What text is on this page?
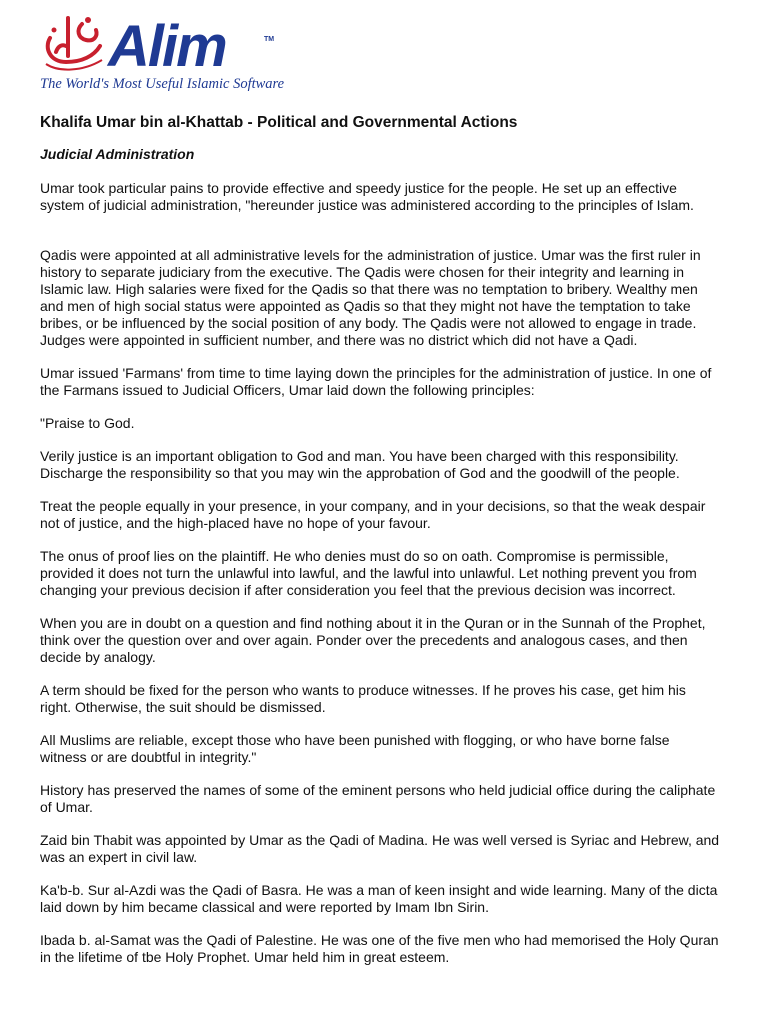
Alim	TM
The World's Most Useful Islamic Software
Khalifa Umar bin al-Khattab - Political and Governmental Actions
Judicial Administration

Umar took particular pains to provide effective and speedy justice for the people. He set up an effective system of judicial administration, "hereunder justice was administered according to the principles of Islam.

Qadis were appointed at all administrative levels for the administration of justice. Umar was the first ruler in history to separate judiciary from the executive. The Qadis were chosen for their integrity and learning in Islamic law. High salaries were fixed for the Qadis so that there was no temptation to bribery. Wealthy men and men of high social status were appointed as Qadis so that they might not have the temptation to take bribes, or be influenced by the social position of any body. The Qadis were not allowed to engage in trade. Judges were appointed in sufficient number, and there was no district which did not have a Qadi.

Umar issued 'Farmans' from time to time laying down the principles for the administration of justice. In one of the Farmans issued to Judicial Officers, Umar laid down the following principles:

"Praise to God.

Verily justice is an important obligation to God and man. You have been charged with this responsibility. Discharge the responsibility so that you may win the approbation of God and the goodwill of the people.

Treat the people equally in your presence, in your company, and in your decisions, so that the weak despair not of justice, and the high-placed have no hope of your favour.

The onus of proof lies on the plaintiff. He who denies must do so on oath. Compromise is permissible, provided it does not turn the unlawful into lawful, and the lawful into unlawful. Let nothing prevent you from changing your previous decision if after consideration you feel that the previous decision was incorrect.

When you are in doubt on a question and find nothing about it in the Quran or in the Sunnah of the Prophet, think over the question over and over again. Ponder over the precedents and analogous cases, and then decide by analogy.

A term should be fixed for the person who wants to produce witnesses. If he proves his case, get him his right. Otherwise, the suit should be dismissed.

All Muslims are reliable, except those who have been punished with flogging, or who have borne false witness or are doubtful in integrity."

History has preserved the names of some of the eminent persons who held judicial office during the caliphate of Umar.

Zaid bin Thabit was appointed by Umar as the Qadi of Madina. He was well versed is Syriac and Hebrew, and was an expert in civil law.

Ka'b-b. Sur al-Azdi was the Qadi of Basra. He was a man of keen insight and wide learning. Many of the dicta laid down by him became classical and were reported by Imam Ibn Sirin.

Ibada b. al-Samat was the Qadi of Palestine. He was one of the five men who had memorised the Holy Quran in the lifetime of tbe Holy Prophet. Umar held him in great esteem.
